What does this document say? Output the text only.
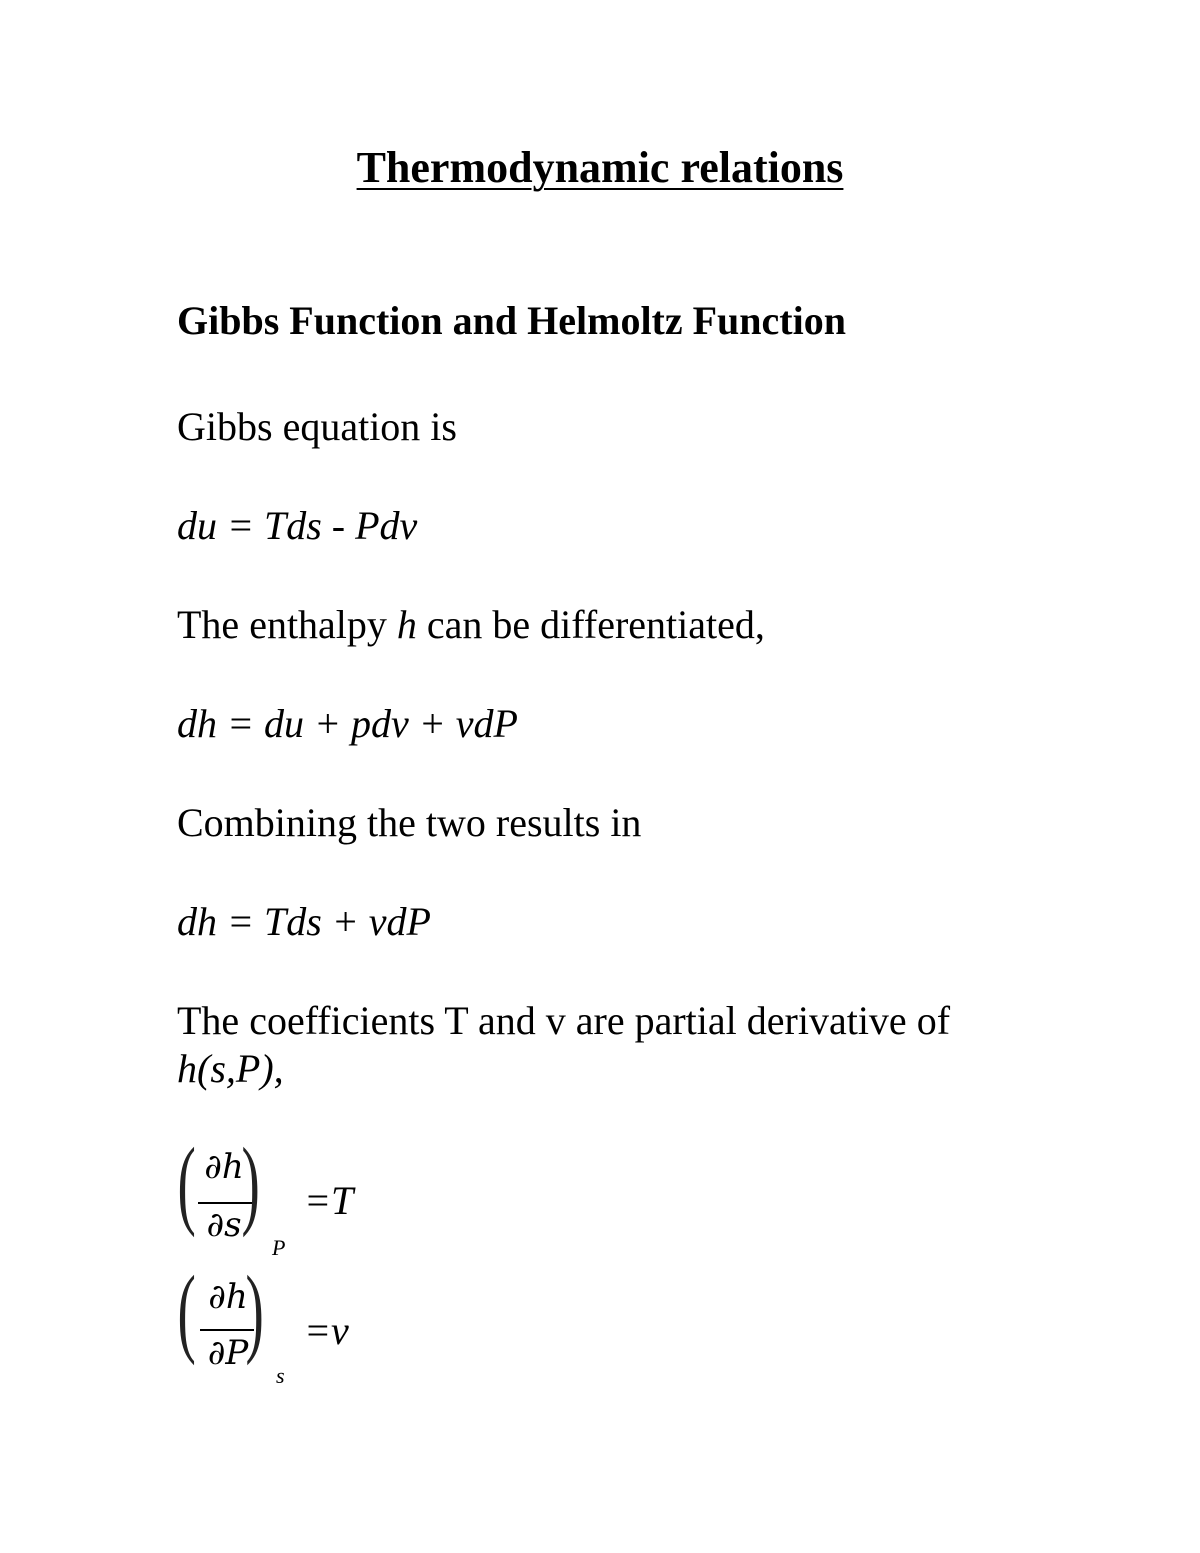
Thermodynamic relations
Gibbs Function and Helmoltz Function
Gibbs equation is
du = Tds - Pdv
The enthalpy h can be differentiated,
dh = du + pdv + vdP
Combining the two results in
dh = Tds + vdP
The coefficients T and v are partial derivative of
h(s,P),
( ∂h
∂s )
P
=T
( ∂h
∂P
)
s
=v
